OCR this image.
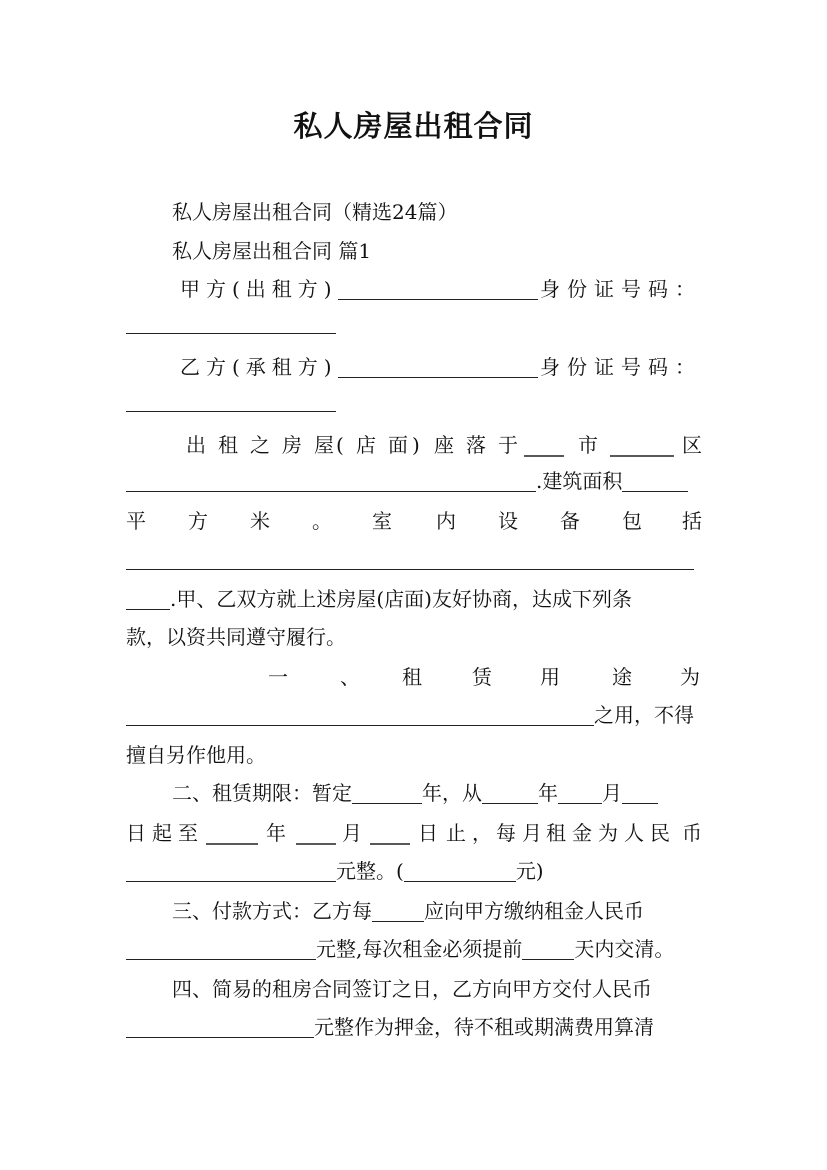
私人房屋出租合同
私人房屋出租合同（精选24篇）
私人房屋出租合同 篇1
甲方(出租方)	身份证号码：
乙方(承租方)	身份证号码：
出 租 之 房 屋 ( 店 面 ) 座 落 于	市	区
.建筑面积
平 方 米 。 室 内 设 备 包 括
.甲、乙双方就上述房屋(店面)友好协商，达成下列条
款，以资共同遵守履行。
一	、 租	赁 用	途 为
之用，不得
擅自另作他用。
二、租赁期限：暂定	年，从	年 月
日 起 至	年	月	日 止 ， 每 月 租 金 为 人 民 币
元整。(	元)
三、付款方式：乙方每	应向甲方缴纳租金人民币
元整,每次租金必须提前	天内交清。
四、简易的租房合同签订之日，乙方向甲方交付人民币
元整作为押金，待不租或期满费用算清
